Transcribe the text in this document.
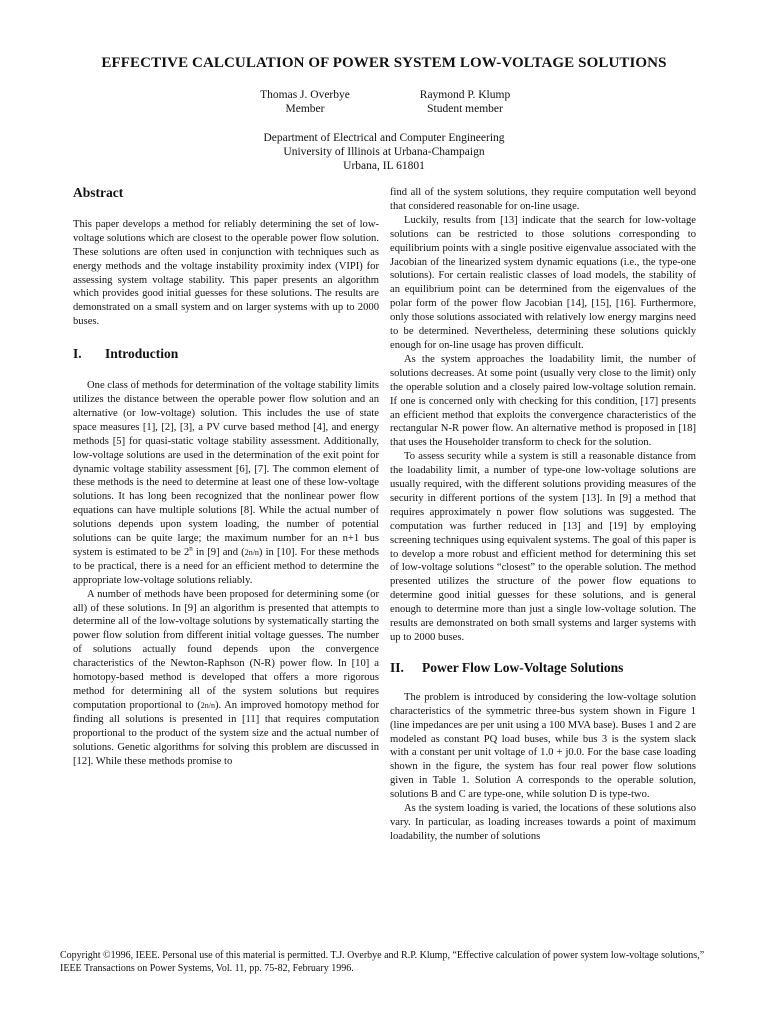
EFFECTIVE CALCULATION OF POWER SYSTEM LOW-VOLTAGE SOLUTIONS
Thomas J. Overbye
Member
Raymond P. Klump
Student member
Department of Electrical and Computer Engineering
University of Illinois at Urbana-Champaign
Urbana, IL 61801
Abstract

This paper develops a method for reliably determining the set of low-voltage solutions which are closest to the operable power flow solution. These solutions are often used in conjunction with techniques such as energy methods and the voltage instability proximity index (VIPI) for assessing system voltage stability. This paper presents an algorithm which provides good initial guesses for these solutions. The results are demonstrated on a small system and on larger systems with up to 2000 buses.

I. Introduction

One class of methods for determination of the voltage stability limits utilizes the distance between the operable power flow solution and an alternative (or low-voltage) solution. This includes the use of state space measures [1], [2], [3], a PV curve based method [4], and energy methods [5] for quasi-static voltage stability assessment. Additionally, low-voltage solutions are used in the determination of the exit point for dynamic voltage stability assessment [6], [7]. The common element of these methods is the need to determine at least one of these low-voltage solutions. It has long been recognized that the nonlinear power flow equations can have multiple solutions [8]. While the actual number of solutions depends upon system loading, the number of potential solutions can be quite large; the maximum number for an n+1 bus system is estimated to be 2$^n$ in [9] and (2n/n) in [10]. For these methods to be practical, there is a need for an efficient method to determine the appropriate low-voltage solutions reliably.

A number of methods have been proposed for determining some (or all) of these solutions. In [9] an algorithm is presented that attempts to determine all of the low-voltage solutions by systematically starting the power flow solution from different initial voltage guesses. The number of solutions actually found depends upon the convergence characteristics of the Newton-Raphson (N-R) power flow. In [10] a homotopy-based method is developed that offers a more rigorous method for determining all of the system solutions but requires computation proportional to (2n/n). An improved homotopy method for finding all solutions is presented in [11] that requires computation proportional to the product of the system size and the actual number of solutions. Genetic algorithms for solving this problem are discussed in [12]. While these methods promise to

find all of the system solutions, they require computation well beyond that considered reasonable for on-line usage.

Luckily, results from [13] indicate that the search for low-voltage solutions can be restricted to those solutions corresponding to equilibrium points with a single positive eigenvalue associated with the Jacobian of the linearized system dynamic equations (i.e., the type-one solutions). For certain realistic classes of load models, the stability of an equilibrium point can be determined from the eigenvalues of the polar form of the power flow Jacobian [14], [15], [16]. Furthermore, only those solutions associated with relatively low energy margins need to be determined. Nevertheless, determining these solutions quickly enough for on-line usage has proven difficult.

As the system approaches the loadability limit, the number of solutions decreases. At some point (usually very close to the limit) only the operable solution and a closely paired low-voltage solution remain. If one is concerned only with checking for this condition, [17] presents an efficient method that exploits the convergence characteristics of the rectangular N-R power flow. An alternative method is proposed in [18] that uses the Householder transform to check for the solution.

To assess security while a system is still a reasonable distance from the loadability limit, a number of type-one low-voltage solutions are usually required, with the different solutions providing measures of the security in different portions of the system [13]. In [9] a method that requires approximately n power flow solutions was suggested. The computation was further reduced in [13] and [19] by employing screening techniques using equivalent systems. The goal of this paper is to develop a more robust and efficient method for determining this set of low-voltage solutions “closest” to the operable solution. The method presented utilizes the structure of the power flow equations to determine good initial guesses for these solutions, and is general enough to determine more than just a single low-voltage solution. The results are demonstrated on both small systems and larger systems with up to 2000 buses.

II. Power Flow Low-Voltage Solutions

The problem is introduced by considering the low-voltage solution characteristics of the symmetric three-bus system shown in Figure 1 (line impedances are per unit using a 100 MVA base). Buses 1 and 2 are modeled as constant PQ load buses, while bus 3 is the system slack with a constant per unit voltage of 1.0 + j0.0. For the base case loading shown in the figure, the system has four real power flow solutions given in Table 1. Solution A corresponds to the operable solution, solutions B and C are type-one, while solution D is type-two.

As the system loading is varied, the locations of these solutions also vary. In particular, as loading increases towards a point of maximum loadability, the number of solutions

Copyright ©1996, IEEE. Personal use of this material is permitted. T.J. Overbye and R.P. Klump, “Effective calculation of power system low-voltage solutions,” IEEE Transactions on Power Systems, Vol. 11, pp. 75-82, February 1996.
